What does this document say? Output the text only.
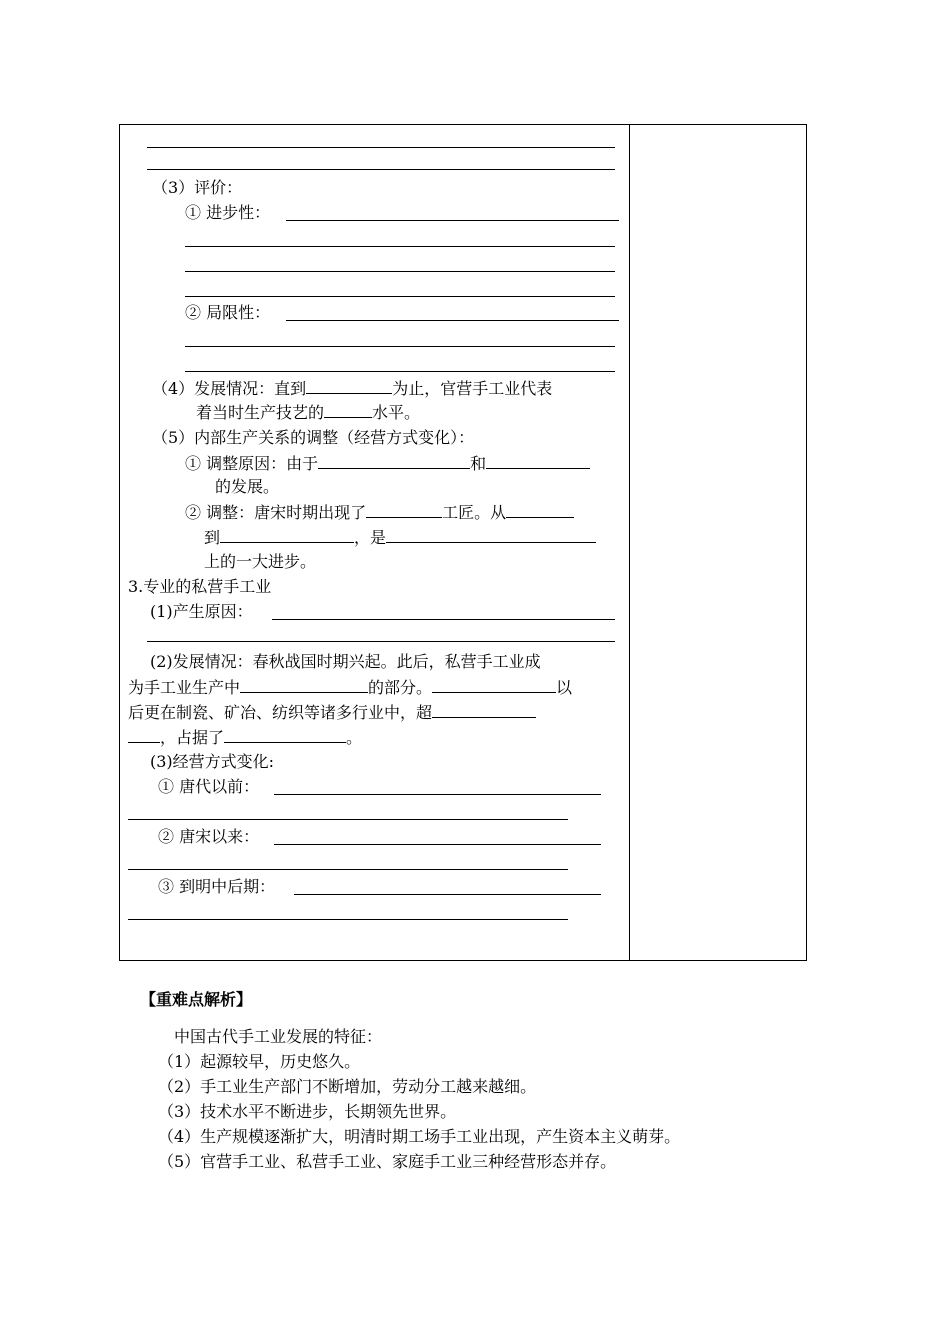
（3）评价：
① 进步性：
② 局限性：
（4）发展情况：直到	为止，官营手工业代表
着当时生产技艺的	水平。
（5）内部生产关系的调整（经营方式变化）：
① 调整原因：由于	和
的发展。
② 调整：唐宋时期出现了	工匠。从
到	，是
上的一大进步。
3.专业的私营手工业
(1)产生原因：
(2)发展情况：春秋战国时期兴起。此后，私营手工业成
为手工业生产中	的部分。	以
后更在制瓷、矿冶、纺织等诸多行业中，超
，占据了	。
(3)经营方式变化:
① 唐代以前：
② 唐宋以来：
③ 到明中后期：
【重难点解析】
中国古代手工业发展的特征：
（1）起源较早，历史悠久。
（2）手工业生产部门不断增加，劳动分工越来越细。
（3）技术水平不断进步，长期领先世界。
（4）生产规模逐渐扩大，明清时期工场手工业出现，产生资本主义萌芽。
（5）官营手工业、私营手工业、家庭手工业三种经营形态并存。
